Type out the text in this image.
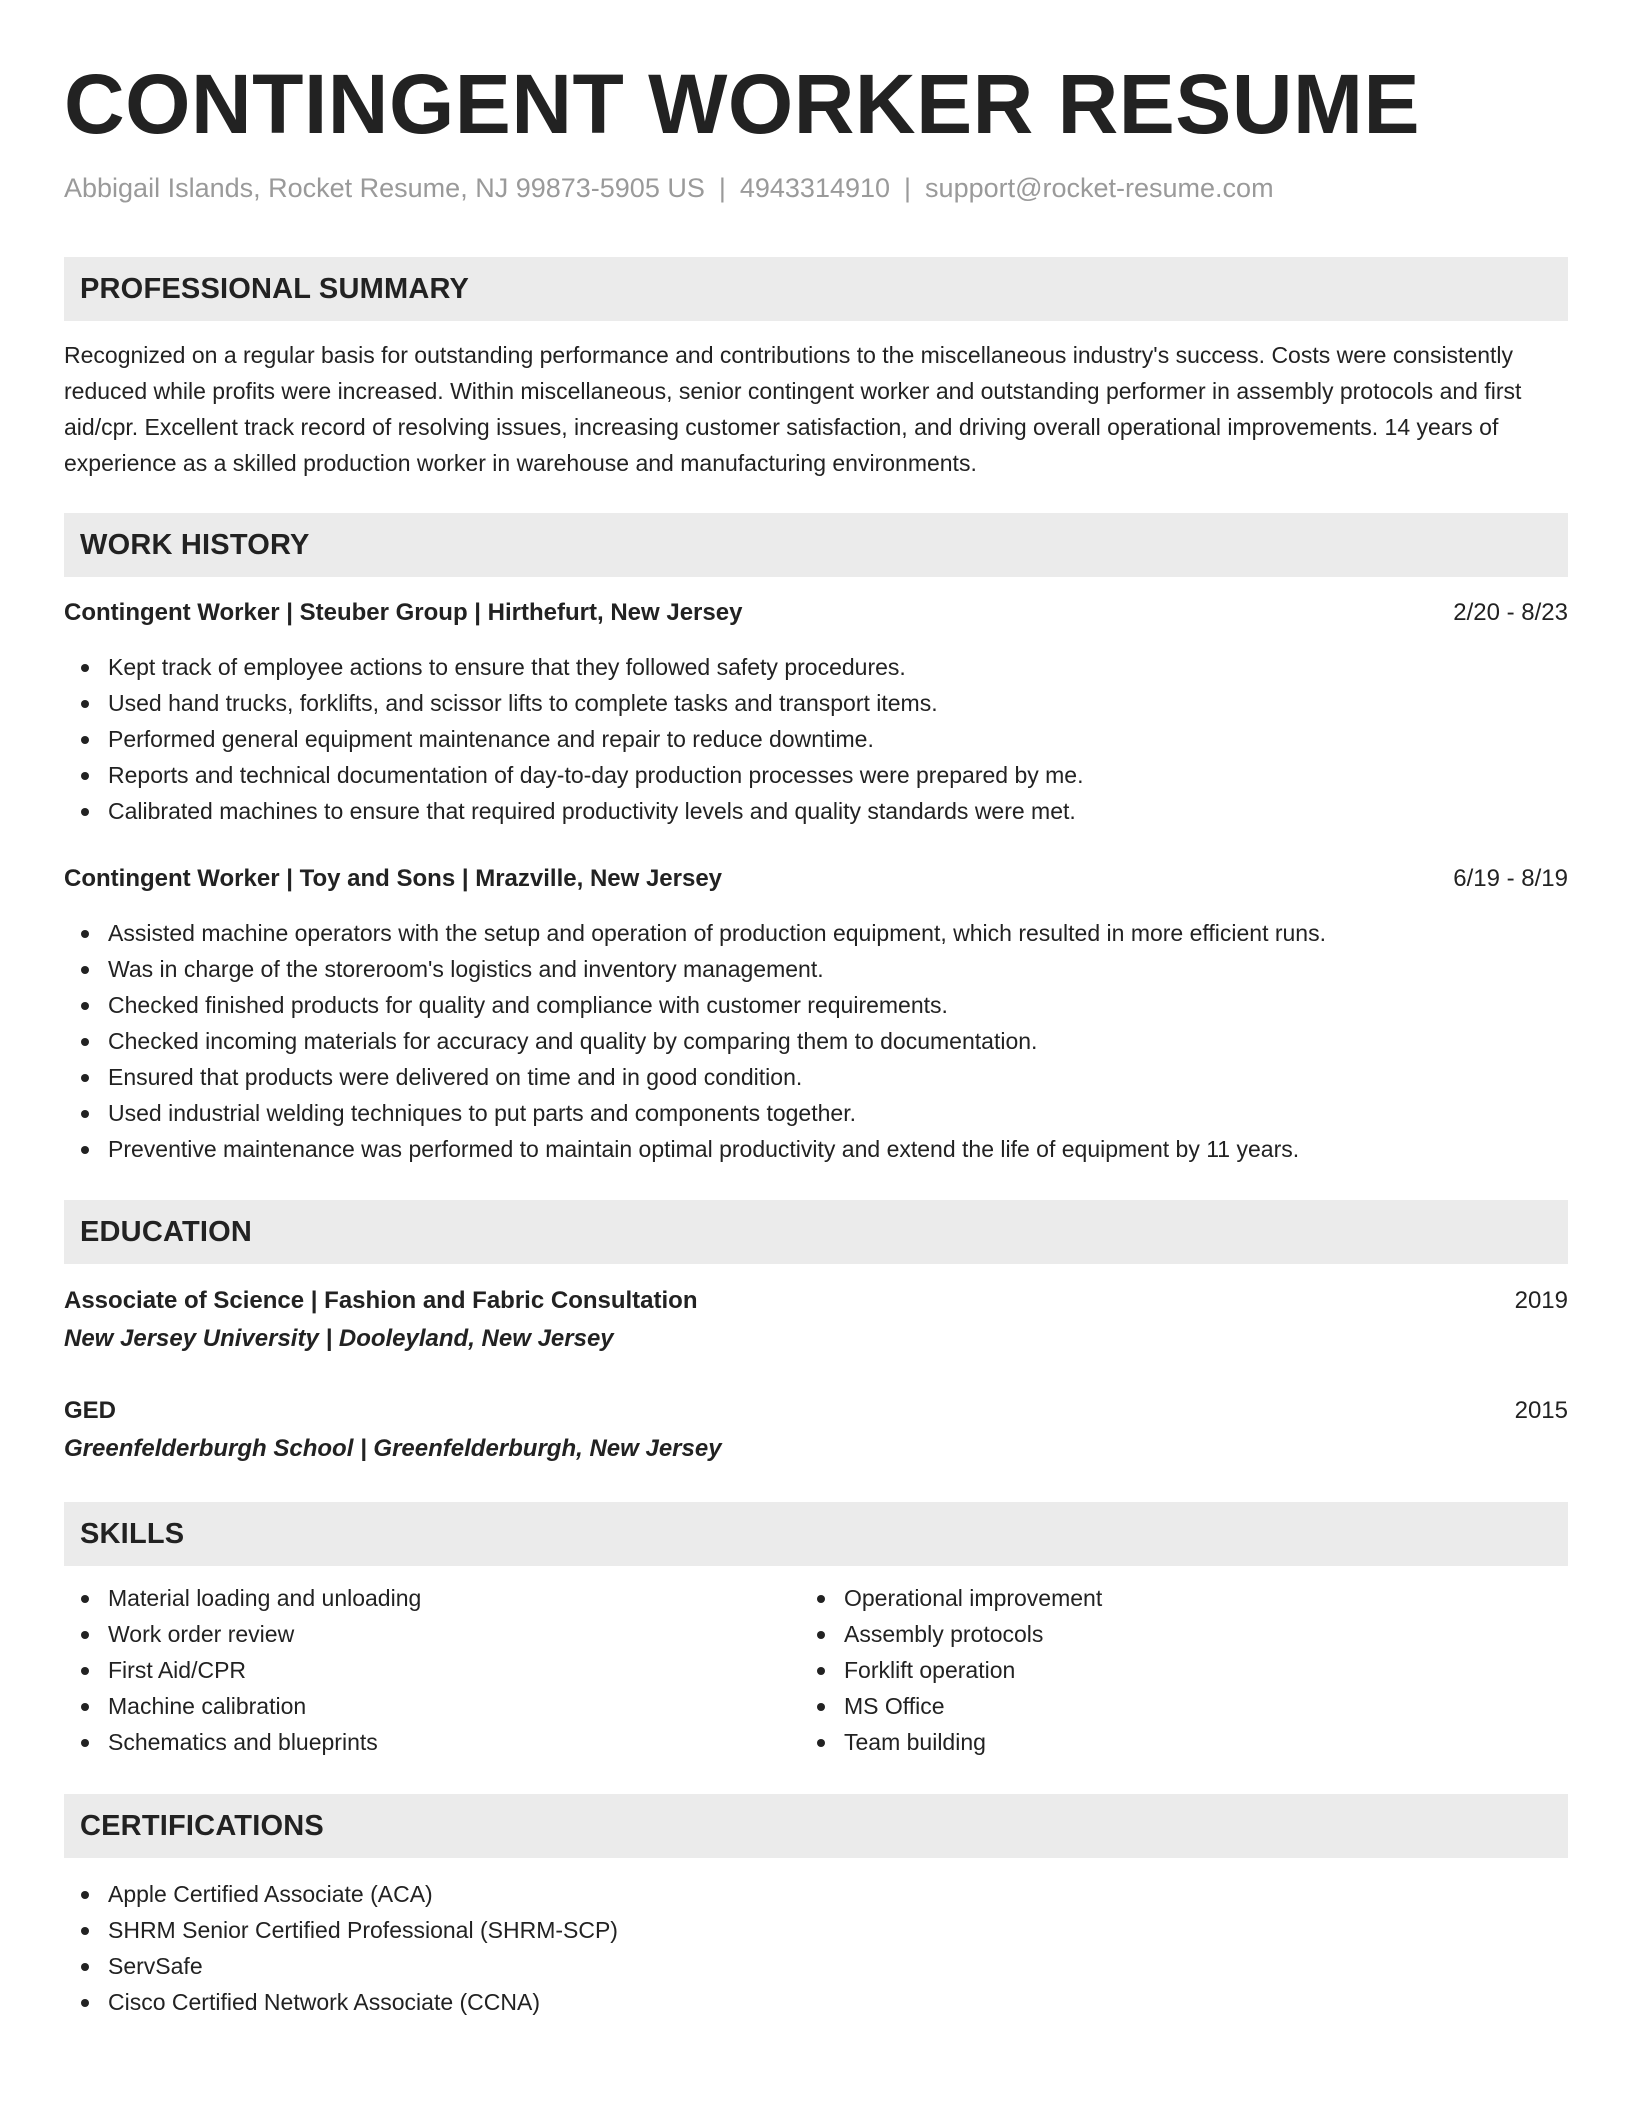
CONTINGENT WORKER RESUME
Abbigail Islands, Rocket Resume, NJ 99873-5905 US | 4943314910 | support@rocket-resume.com
PROFESSIONAL SUMMARY

Recognized on a regular basis for outstanding performance and contributions to the miscellaneous industry's success. Costs were consistently reduced while profits were increased. Within miscellaneous, senior contingent worker and outstanding performer in assembly protocols and first aid/cpr. Excellent track record of resolving issues, increasing customer satisfaction, and driving overall operational improvements. 14 years of experience as a skilled production worker in warehouse and manufacturing environments.

WORK HISTORY
Contingent Worker | Steuber Group | Hirthefurt, New Jersey	2/20 - 8/23
Kept track of employee actions to ensure that they followed safety procedures.
Used hand trucks, forklifts, and scissor lifts to complete tasks and transport items.
Performed general equipment maintenance and repair to reduce downtime.
Reports and technical documentation of day-to-day production processes were prepared by me.
Calibrated machines to ensure that required productivity levels and quality standards were met.
Contingent Worker | Toy and Sons | Mrazville, New Jersey	6/19 - 8/19
Assisted machine operators with the setup and operation of production equipment, which resulted in more efficient runs.
Was in charge of the storeroom's logistics and inventory management.
Checked finished products for quality and compliance with customer requirements.
Checked incoming materials for accuracy and quality by comparing them to documentation.
Ensured that products were delivered on time and in good condition.
Used industrial welding techniques to put parts and components together.
Preventive maintenance was performed to maintain optimal productivity and extend the life of equipment by 11 years.
EDUCATION
Associate of Science | Fashion and Fabric Consultation	2019
New Jersey University | Dooleyland, New Jersey
GED	2015
Greenfelderburgh School | Greenfelderburgh, New Jersey
SKILLS
Material loading and unloading
Work order review
First Aid/CPR
Machine calibration
Schematics and blueprints
Operational improvement
Assembly protocols
Forklift operation
MS Office
Team building
CERTIFICATIONS
Apple Certified Associate (ACA)
SHRM Senior Certified Professional (SHRM-SCP)
ServSafe
Cisco Certified Network Associate (CCNA)
